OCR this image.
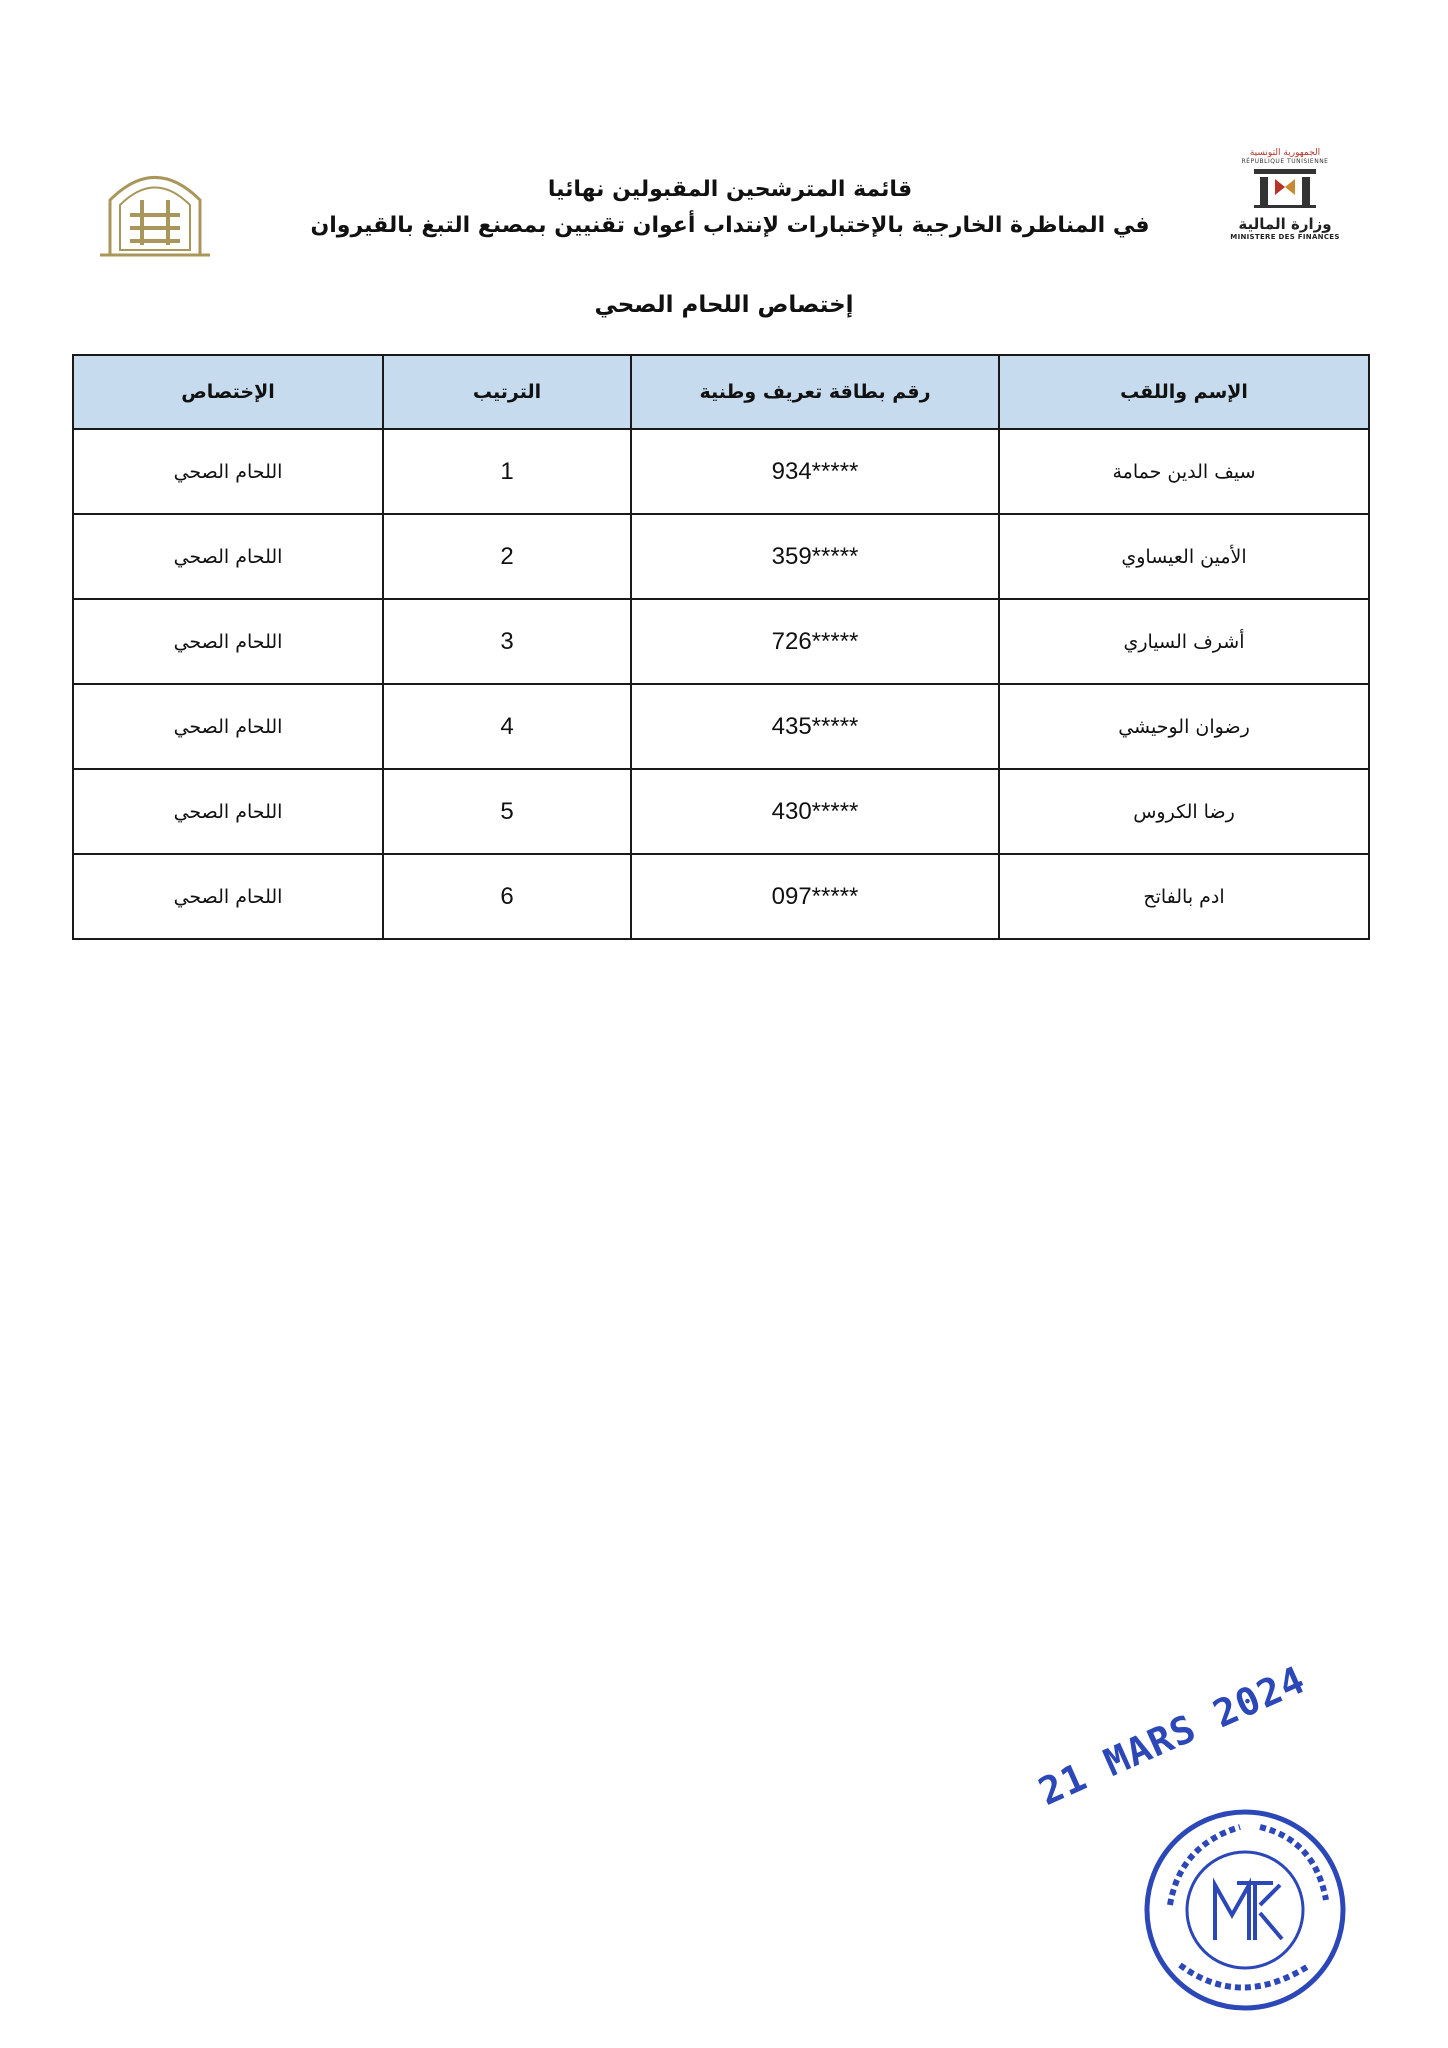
الجمهورية التونسية
RÉPUBLIQUE TUNISIENNE
وزارة المالية
MINISTERE DES FINANCES

قائمة المترشحين المقبولين نهائيا

في المناظرة الخارجية بالإختبارات لإنتداب أعوان تقنيين بمصنع التبغ بالقيروان

إختصاص اللحام الصحي
الإسم واللقب	رقم بطاقة تعريف وطنية	الترتيب	الإختصاص
سيف الدين حمامة	*****934	1	اللحام الصحي
الأمين العيساوي	*****359	2	اللحام الصحي
أشرف السياري	*****726	3	اللحام الصحي
رضوان الوحيشي	*****435	4	اللحام الصحي
رضا الكروس	*****430	5	اللحام الصحي
ادم بالفاتح	*****097	6	اللحام الصحي
21 MARS 2024
